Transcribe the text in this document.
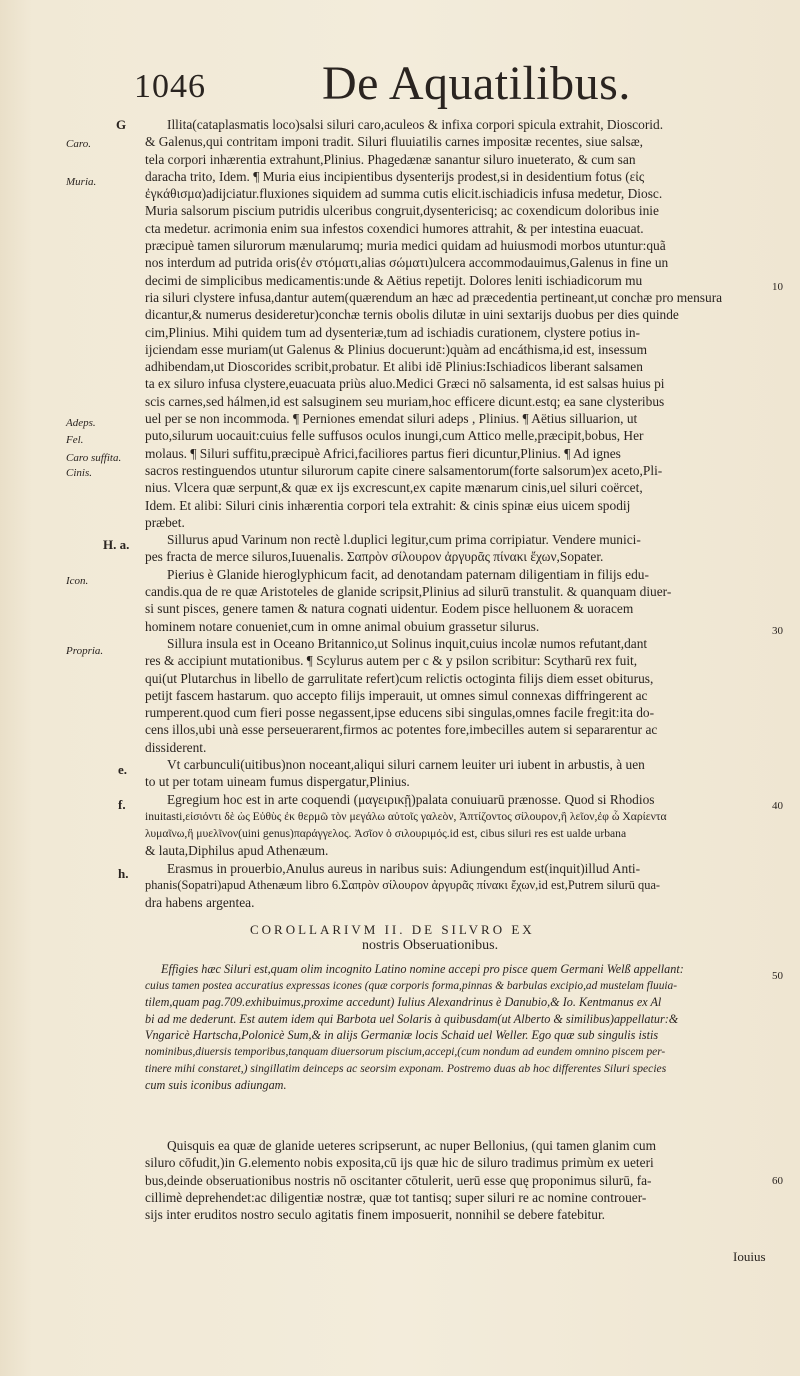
1046 De Aquatilibus.
G
Caro.
Muria.
Adeps.
Fel.
Caro suffita.
Cinis.
H. a.
Icon.
Propria.
e.
f.
h.
10
30
40
50
60
Illita(cataplasmatis loco)salsi siluri caro,aculeos & infixa corpori spicula extrahit, Dioscorid.
& Galenus,qui contritam imponi tradit. Siluri fluuiatilis carnes impositæ recentes, siue salsæ,
tela corpori inhærentia extrahunt,Plinius. Phagedænæ sanantur siluro inueterato, & cum san
daracha trito, Idem. ¶ Muria eius incipientibus dysenterijs prodest,si in desidentium fotus (εἰς
ἐγκάθισμα)adijciatur.fluxiones siquidem ad summa cutis elicit.ischiadicis infusa medetur, Diosc.
Muria salsorum piscium putridis ulceribus congruit,dysentericisq; ac coxendicum doloribus inie
cta medetur. acrimonia enim sua infestos coxendici humores attrahit, & per intestina euacuat.
præcipuè tamen silurorum mænularumq; muria medici quidam ad huiusmodi morbos utuntur:quã
nos interdum ad putrida oris(ἐν στόματι,alias σώματι)ulcera accommodauimus,Galenus in fine un
decimi de simplicibus medicamentis:unde & Aëtius repetijt. Dolores leniti ischiadicorum mu
ria siluri clystere infusa,dantur autem(quærendum an hæc ad præcedentia pertineant,ut conchæ pro mensura
dicantur,& numerus desideretur)conchæ ternis obolis dilutæ in uini sextarijs duobus per dies quinde
cim,Plinius. Mihi quidem tum ad dysenteriæ,tum ad ischiadis curationem, clystere potius in-
ijciendam esse muriam(ut Galenus & Plinius docuerunt:)quàm ad encáthisma,id est, insessum
adhibendam,ut Dioscorides scribit,probatur. Et alibi idē Plinius:Ischiadicos liberant salsamen
ta ex siluro infusa clystere,euacuata priùs aluo.Medici Græci nō salsamenta, id est salsas huius pi
scis carnes,sed hálmen,id est salsuginem seu muriam,hoc efficere dicunt.estq; ea sane clysteribus
uel per se non incommoda. ¶ Perniones emendat siluri adeps , Plinius. ¶ Aëtius silluarion, ut
puto,silurum uocauit:cuius felle suffusos oculos inungi,cum Attico melle,præcipit,bobus, Her
molaus. ¶ Siluri suffitu,præcipuè Africi,faciliores partus fieri dicuntur,Plinius. ¶ Ad ignes
sacros restinguendos utuntur silurorum capite cinere salsamentorum(forte salsorum)ex aceto,Pli-
nius. Vlcera quæ serpunt,& quæ ex ijs excrescunt,ex capite mænarum cinis,uel siluri coërcet,
Idem. Et alibi: Siluri cinis inhærentia corpori tela extrahit: & cinis spinæ eius uicem spodij
præbet.
Sillurus apud Varinum non rectè l.duplici legitur,cum prima corripiatur. Vendere munici-
pes fracta de merce siluros,Iuuenalis. Σαπρὸν σίλουρον ἀργυρᾶς πίνακι ἔχων,Sopater.
Pierius è Glanide hieroglyphicum facit, ad denotandam paternam diligentiam in filijs edu-
candis.qua de re quæ Aristoteles de glanide scripsit,Plinius ad silurū transtulit. & quanquam diuer-
si sunt pisces, genere tamen & natura cognati uidentur. Eodem pisce helluonem & uoracem
hominem notare conueniet,cum in omne animal obuium grassetur silurus.
Sillura insula est in Oceano Britannico,ut Solinus inquit,cuius incolæ numos refutant,dant
res & accipiunt mutationibus. ¶ Scylurus autem per c & y psilon scribitur: Scytharū rex fuit,
qui(ut Plutarchus in libello de garrulitate refert)cum relictis octoginta filijs diem esset obiturus,
petijt fascem hastarum. quo accepto filijs imperauit, ut omnes simul connexas diffringerent ac
rumperent.quod cum fieri posse negassent,ipse educens sibi singulas,omnes facile fregit:ita do-
cens illos,ubi unà esse perseuerarent,firmos ac potentes fore,imbecilles autem si separarentur ac
dissiderent.
Vt carbunculi(uitibus)non noceant,aliqui siluri carnem leuiter uri iubent in arbustis, à uen
to ut per totam uineam fumus dispergatur,Plinius.
Egregium hoc est in arte coquendi (μαγειρικῇ)palata conuiuarū prænosse. Quod si Rhodios
inuitasti,εἰσιόντι δὲ ὡς Εὐθὺς ἐκ θερμῶ τὸν μεγάλω αὐτοῖς γαλεὸν, Ἀπτίζοντος σίλουρον,ἢ λεῖον,ἐφ ὧ Χαρίεντα
λυμαῖνω,ἢ μυελῖνον(uini genus)παράγγελος. Ἀσῖον ὁ σιλουριμός.id est, cibus siluri res est ualde urbana
& lauta,Diphilus apud Athenæum.
Erasmus in prouerbio,Anulus aureus in naribus suis: Adiungendum est(inquit)illud Anti-
phanis(Sopatri)apud Athenæum libro 6.Σαπρὸν σίλουρον ἀργυρᾶς πίνακι ἔχων,id est,Putrem silurū qua-
dra habens argentea.
COROLLARIVM II. DE SILVRO EX
nostris Obseruationibus.
Effigies hæc Siluri est,quam olim incognito Latino nomine accepi pro pisce quem Germani Welß appellant:
cuius tamen postea accuratius expressas icones (quæ corporis forma,pinnas & barbulas excipio,ad mustelam fluuia-
tilem,quam pag.709.exhibuimus,proxime accedunt) Iulius Alexandrinus è Danubio,& Io. Kentmanus ex Al
bi ad me dederunt. Est autem idem qui Barbota uel Solaris à quibusdam(ut Alberto & similibus)appellatur:&
Vngaricè Hartscha,Polonicè Sum,& in alijs Germaniæ locis Schaid uel Weller. Ego quæ sub singulis istis
nominibus,diuersis temporibus,tanquam diuersorum piscium,accepi,(cum nondum ad eundem omnino piscem per-
tinere mihi constaret,) singillatim deinceps ac seorsim exponam. Postremo duas ab hoc differentes Siluri species
cum suis iconibus adiungam.
Quisquis ea quæ de glanide ueteres scripserunt, ac nuper Bellonius, (qui tamen glanim cum
siluro cōfudit,)in G.elemento nobis exposita,cū ijs quæ hic de siluro tradimus primùm ex ueteri
bus,deinde obseruationibus nostris nō oscitanter cōtulerit, uerū esse quę proponimus silurū, fa-
cillimè deprehendet:ac diligentiæ nostræ, quæ tot tantisq; super siluri re ac nomine controuer-
sijs inter eruditos nostro seculo agitatis finem imposuerit, nonnihil se debere fatebitur.
Iouius
